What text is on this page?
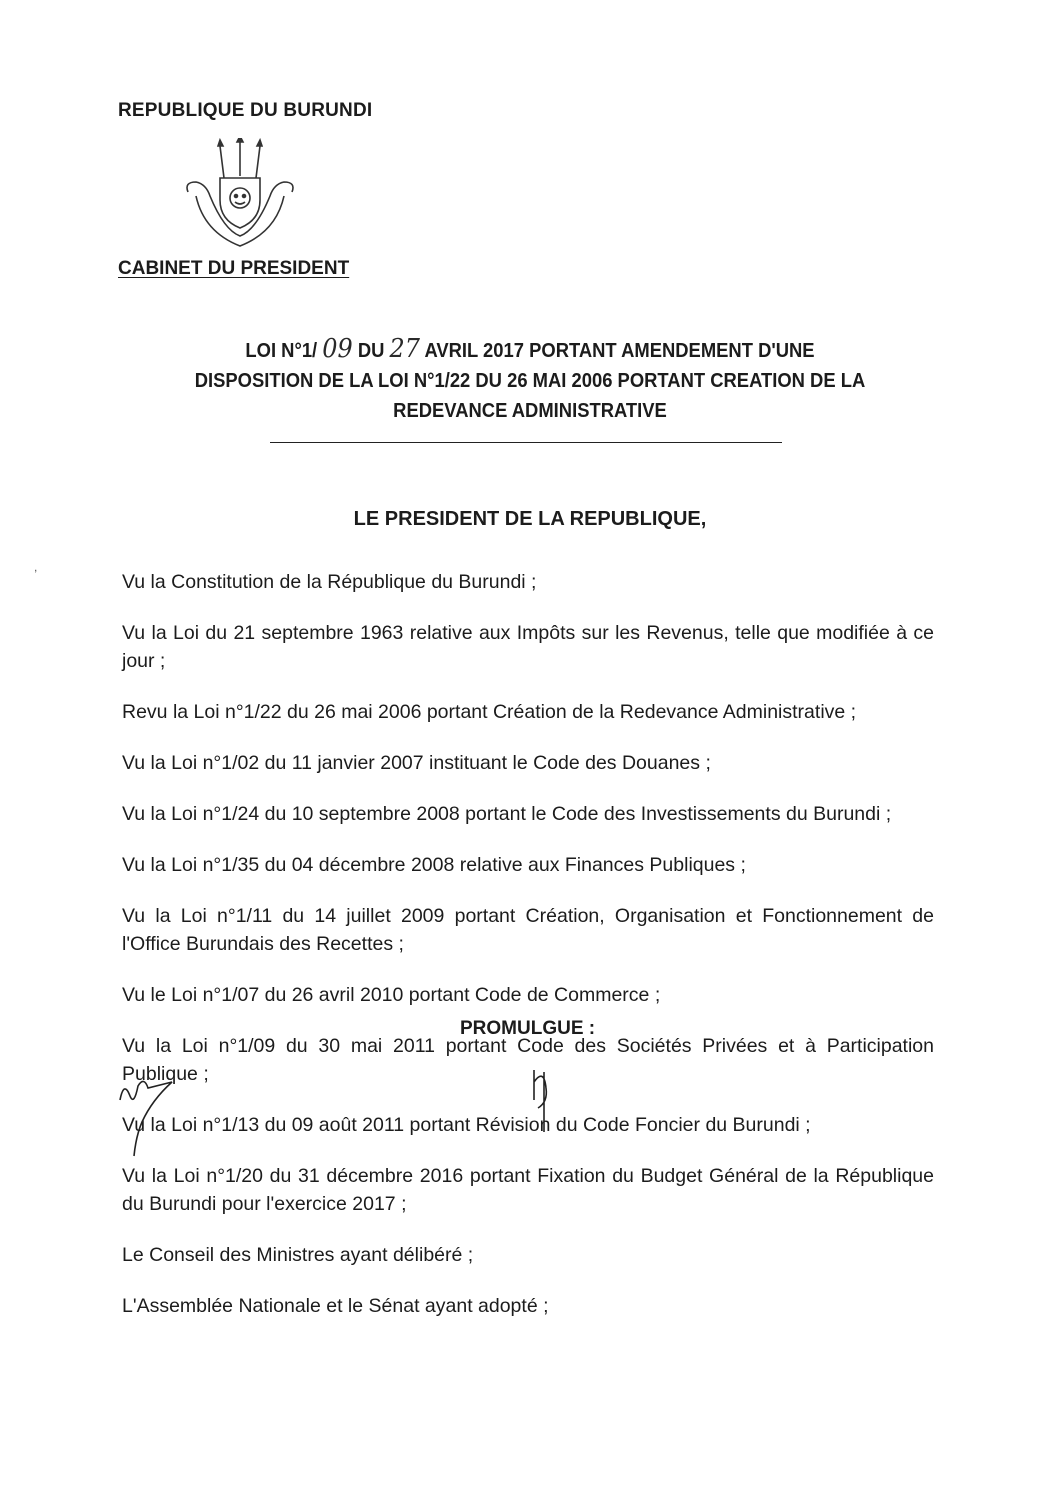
REPUBLIQUE DU BURUNDI
CABINET DU PRESIDENT
LOI N°1/ 09 DU 27 AVRIL 2017 PORTANT AMENDEMENT D'UNE
DISPOSITION DE LA LOI N°1/22 DU 26 MAI 2006 PORTANT CREATION DE LA
REDEVANCE ADMINISTRATIVE
LE PRESIDENT DE LA REPUBLIQUE,
,

Vu la Constitution de la République du Burundi ;

Vu la Loi du 21 septembre 1963 relative aux Impôts sur les Revenus, telle que modifiée à ce jour ;

Revu la Loi n°1/22 du 26 mai 2006 portant Création de la Redevance Administrative ;

Vu la Loi n°1/02 du 11 janvier 2007 instituant le Code des Douanes ;

Vu la Loi n°1/24 du 10 septembre 2008 portant le Code des Investissements du Burundi ;

Vu la Loi n°1/35 du 04 décembre 2008 relative aux Finances Publiques ;

Vu la Loi n°1/11 du 14 juillet 2009 portant Création, Organisation et Fonctionnement de l'Office Burundais des Recettes ;

Vu le Loi n°1/07 du 26 avril 2010 portant Code de Commerce ;

Vu la Loi n°1/09 du 30 mai 2011 portant Code des Sociétés Privées et à Participation Publique ;

Vu la Loi n°1/13 du 09 août 2011 portant Révision du Code Foncier du Burundi ;

Vu la Loi n°1/20 du 31 décembre 2016 portant Fixation du Budget Général de la République du Burundi pour l'exercice 2017 ;

Le Conseil des Ministres ayant délibéré ;

L'Assemblée Nationale et le Sénat ayant adopté ;

PROMULGUE :
